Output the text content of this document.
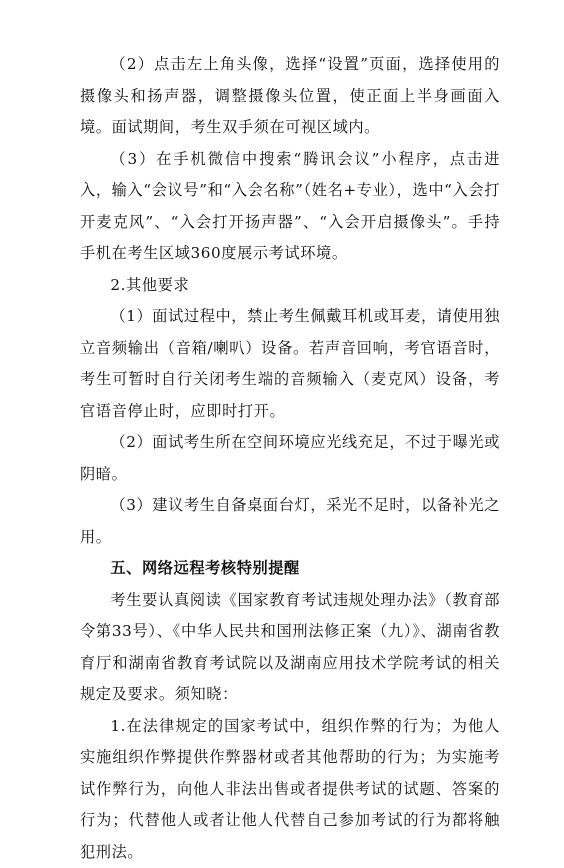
（2）点击左上角头像，选择“设置”页面，选择使用的摄像头和扬声器，调整摄像头位置，使正面上半身画面入境。面试期间，考生双手须在可视区域内。

（3）在手机微信中搜索“腾讯会议”小程序，点击进入，输入“会议号”和“入会名称”（姓名+专业），选中“入会打开麦克风”、“入会打开扬声器”、“入会开启摄像头”。手持手机在考生区域360度展示考试环境。

2.其他要求

（1）面试过程中，禁止考生佩戴耳机或耳麦，请使用独立音频输出（音箱/喇叭）设备。若声音回响，考官语音时，考生可暂时自行关闭考生端的音频输入（麦克风）设备，考官语音停止时，应即时打开。

（2）面试考生所在空间环境应光线充足，不过于曝光或阴暗。

（3）建议考生自备桌面台灯，采光不足时，以备补光之用。

五、网络远程考核特别提醒

考生要认真阅读《国家教育考试违规处理办法》（教育部令第33号）、《中华人民共和国刑法修正案（九）》、湖南省教育厅和湖南省教育考试院以及湖南应用技术学院考试的相关规定及要求。须知晓：

1.在法律规定的国家考试中，组织作弊的行为；为他人实施组织作弊提供作弊器材或者其他帮助的行为；为实施考试作弊行为，向他人非法出售或者提供考试的试题、答案的行为；代替他人或者让他人代替自己参加考试的行为都将触犯刑法。
